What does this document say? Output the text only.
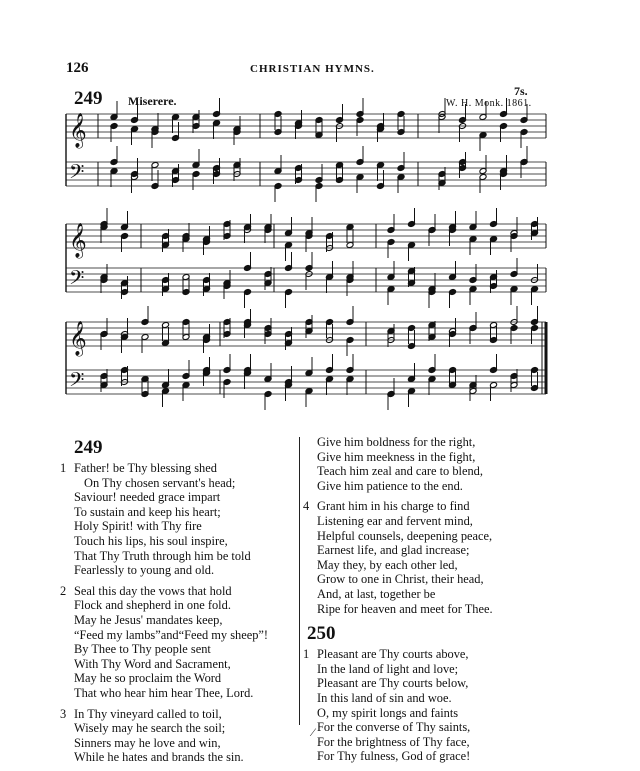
126	CHRISTIAN HYMNS.
249 Miserere.
7s.
W. H. Monk. 1861.
𝄞
𝄢
𝄞
𝄢
𝄞
𝄢
249
1 Father! be Thy blessing shed
On Thy chosen servant's head;
Saviour! needed grace impart
To sustain and keep his heart;
Holy Spirit! with Thy fire
Touch his lips, his soul inspire,
That Thy Truth through him be told
Fearlessly to young and old.
2 Seal this day the vows that hold
Flock and shepherd in one fold.
May he Jesus' mandates keep,
“Feed my lambs”and“Feed my sheep”!
By Thee to Thy people sent
With Thy Word and Sacrament,
May he so proclaim the Word
That who hear him hear Thee, Lord.
3 In Thy vineyard called to toil,
Wisely may he search the soil;
Sinners may he love and win,
While he hates and brands the sin.
Give him boldness for the right,
Give him meekness in the fight,
Teach him zeal and care to blend,
Give him patience to the end.
4 Grant him in his charge to find
Listening ear and fervent mind,
Helpful counsels, deepening peace,
Earnest life, and glad increase;
May they, by each other led,
Grow to one in Christ, their head,
And, at last, together be
Ripe for heaven and meet for Thee.
250
1 Pleasant are Thy courts above,
In the land of light and love;
Pleasant are Thy courts below,
In this land of sin and woe.
O, my spirit longs and faints
For the converse of Thy saints,
For the brightness of Thy face,
For Thy fulness, God of grace!
⁄
